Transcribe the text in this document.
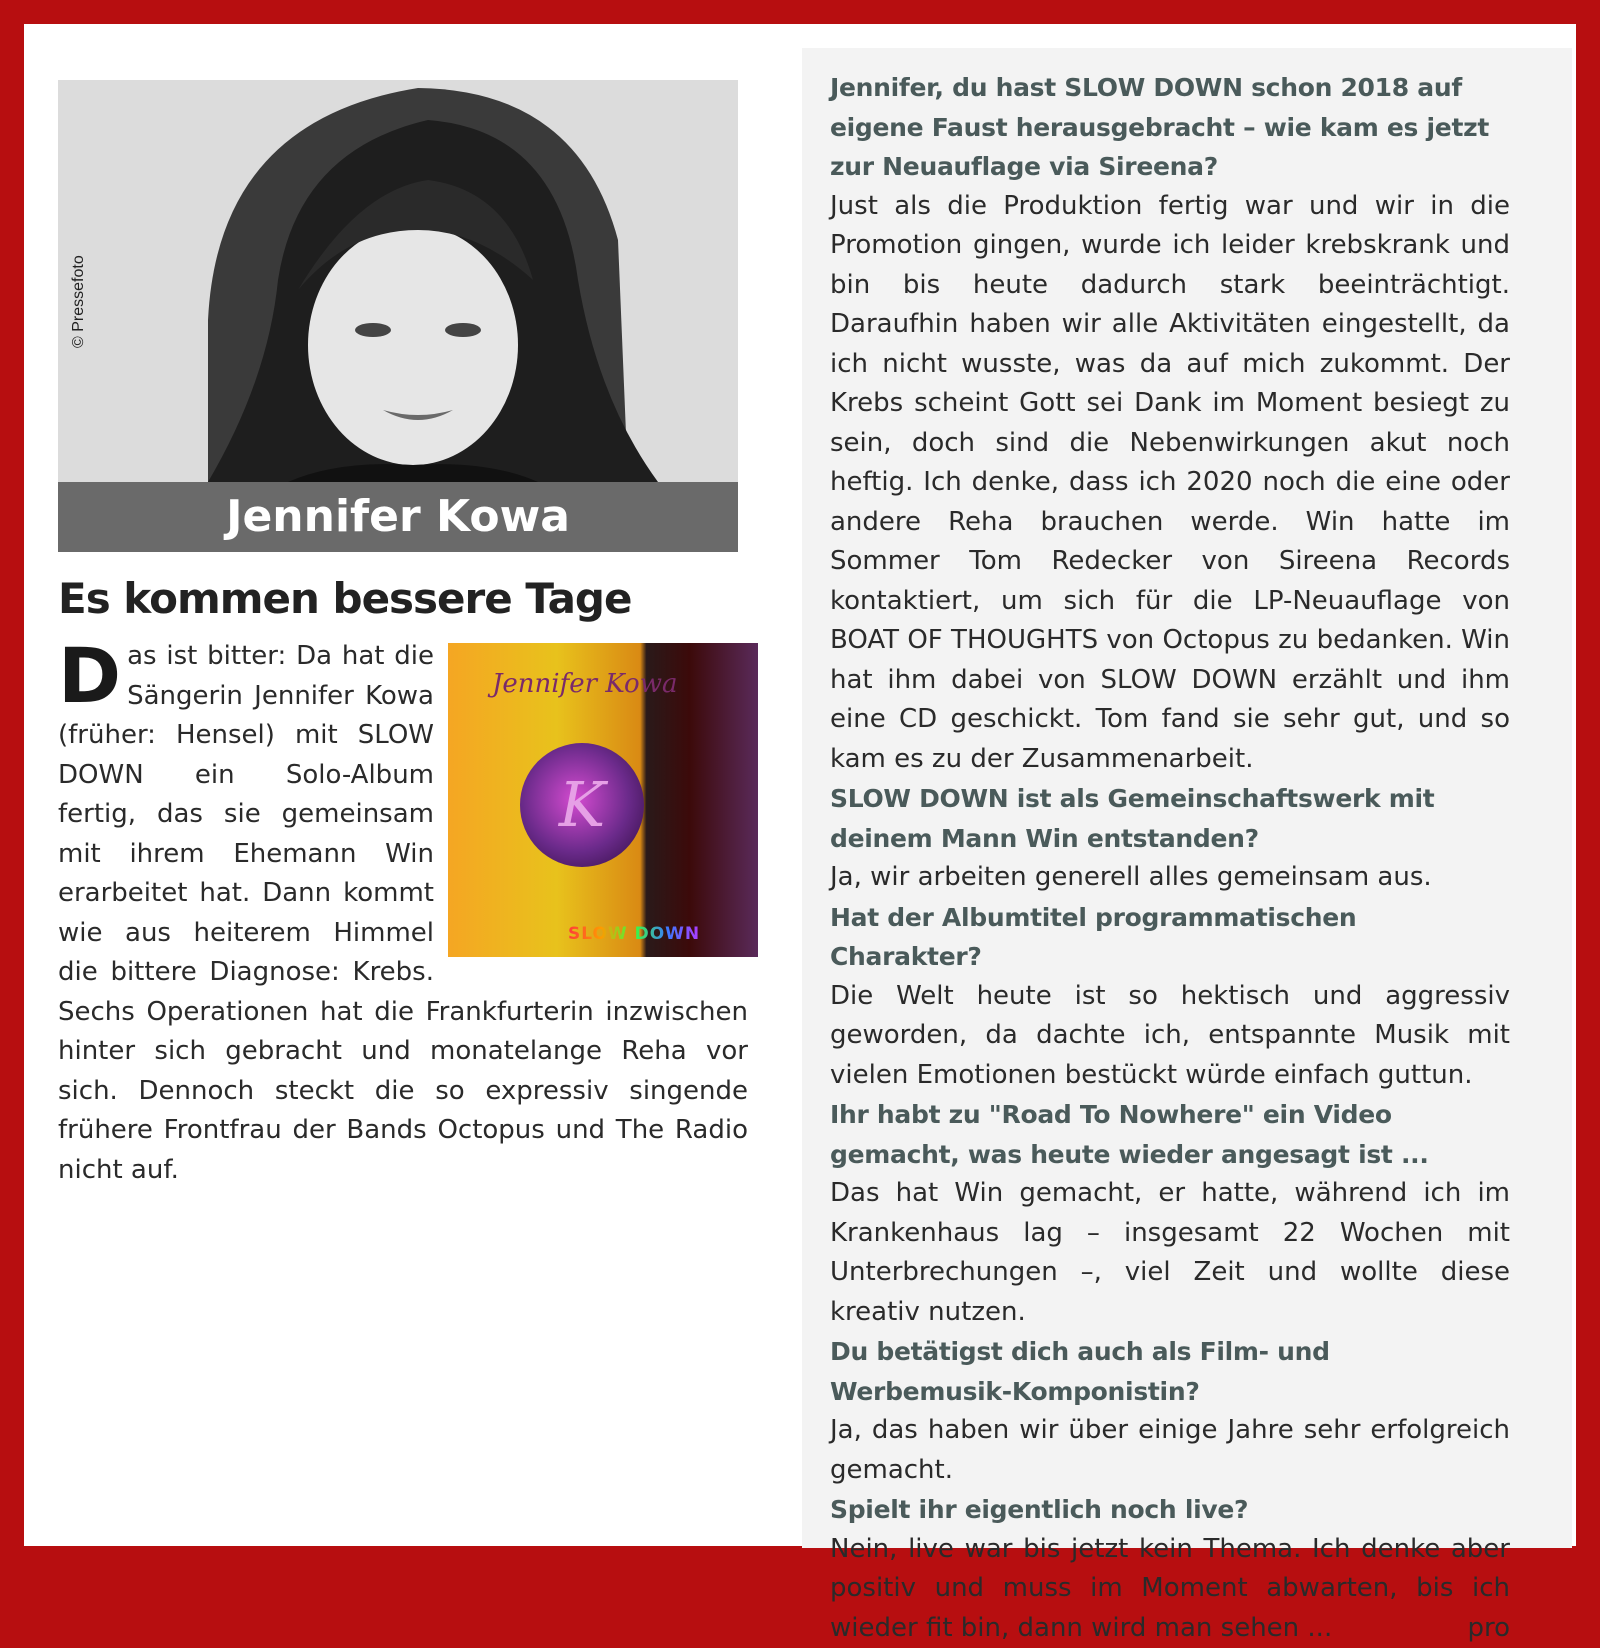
© Pressefoto
Jennifer Kowa
Es kommen bessere Tage
D	Jennifer Kowa
K
SLOW DOWN
as ist bitter: Da hat die Sängerin Jennifer Kowa (früher: Hensel) mit SLOW DOWN ein Solo-Album fertig, das sie gemeinsam mit ihrem Ehemann Win erarbeitet hat. Dann kommt wie aus heiterem Himmel die bittere Diagnose: Krebs. Sechs Operationen hat die Frankfurterin inzwischen hinter sich gebracht und monatelange Reha vor sich. Dennoch steckt die so expressiv singende frühere Frontfrau der Bands Octopus und The Radio nicht auf.

Jennifer, du hast SLOW DOWN schon 2018 auf eigene Faust herausgebracht – wie kam es jetzt zur Neuauflage via Sireena?

Just als die Produktion fertig war und wir in die Promotion gingen, wurde ich leider krebskrank und bin bis heute dadurch stark beeinträchtigt. Daraufhin haben wir alle Aktivitäten eingestellt, da ich nicht wusste, was da auf mich zukommt. Der Krebs scheint Gott sei Dank im Moment besiegt zu sein, doch sind die Nebenwirkungen akut noch heftig. Ich denke, dass ich 2020 noch die eine oder andere Reha brauchen werde. Win hatte im Sommer Tom Redecker von Sireena Records kontaktiert, um sich für die LP-Neuauflage von BOAT OF THOUGHTS von Octopus zu bedanken. Win hat ihm dabei von SLOW DOWN erzählt und ihm eine CD geschickt. Tom fand sie sehr gut, und so kam es zu der Zusammenarbeit.

SLOW DOWN ist als Gemeinschaftswerk mit deinem Mann Win entstanden?

Ja, wir arbeiten generell alles gemeinsam aus.

Hat der Albumtitel programmatischen Charakter?

Die Welt heute ist so hektisch und aggressiv geworden, da dachte ich, entspannte Musik mit vielen Emotionen bestückt würde einfach guttun.

Ihr habt zu "Road To Nowhere" ein Video gemacht, was heute wieder angesagt ist ...

Das hat Win gemacht, er hatte, während ich im Krankenhaus lag – insgesamt 22 Wochen mit Unterbrechungen –, viel Zeit und wollte diese kreativ nutzen.

Du betätigst dich auch als Film- und Werbemusik-Komponistin?

Ja, das haben wir über einige Jahre sehr erfolgreich gemacht.

Spielt ihr eigentlich noch live?

Nein, live war bis jetzt kein Thema. Ich denke aber positiv und muss im Moment abwarten, bis ich wieder fit bin, dann wird man sehen ...	pro
